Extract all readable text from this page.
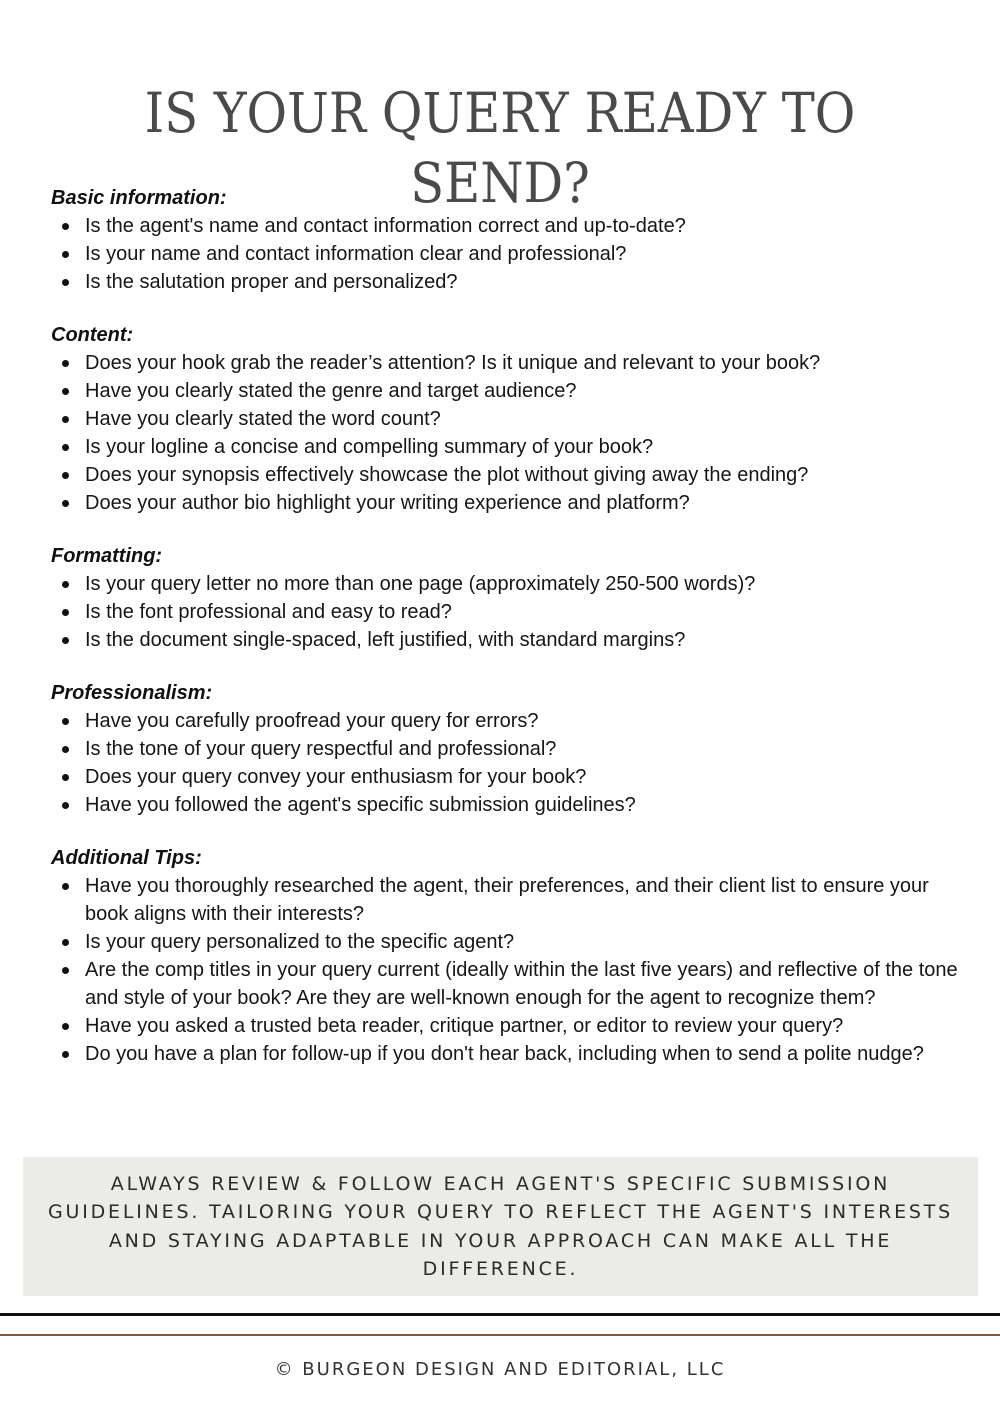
IS YOUR QUERY READY TO SEND?

Basic information:

Is the agent's name and contact information correct and up-to-date?
Is your name and contact information clear and professional?
Is the salutation proper and personalized?

Content:

Does your hook grab the reader’s attention? Is it unique and relevant to your book?
Have you clearly stated the genre and target audience?
Have you clearly stated the word count?
Is your logline a concise and compelling summary of your book?
Does your synopsis effectively showcase the plot without giving away the ending?
Does your author bio highlight your writing experience and platform?

Formatting:

Is your query letter no more than one page (approximately 250-500 words)?
Is the font professional and easy to read?
Is the document single-spaced, left justified, with standard margins?

Professionalism:

Have you carefully proofread your query for errors?
Is the tone of your query respectful and professional?
Does your query convey your enthusiasm for your book?
Have you followed the agent's specific submission guidelines?

Additional Tips:

Have you thoroughly researched the agent, their preferences, and their client list to ensure your book aligns with their interests?
Is your query personalized to the specific agent?
Are the comp titles in your query current (ideally within the last five years) and reflective of the tone and style of your book? Are they are well-known enough for the agent to recognize them?
Have you asked a trusted beta reader, critique partner, or editor to review your query?
Do you have a plan for follow-up if you don't hear back, including when to send a polite nudge?
ALWAYS REVIEW & FOLLOW EACH AGENT'S SPECIFIC SUBMISSION GUIDELINES. TAILORING YOUR QUERY TO REFLECT THE AGENT'S INTERESTS AND STAYING ADAPTABLE IN YOUR APPROACH CAN MAKE ALL THE DIFFERENCE.
© BURGEON DESIGN AND EDITORIAL, LLC
